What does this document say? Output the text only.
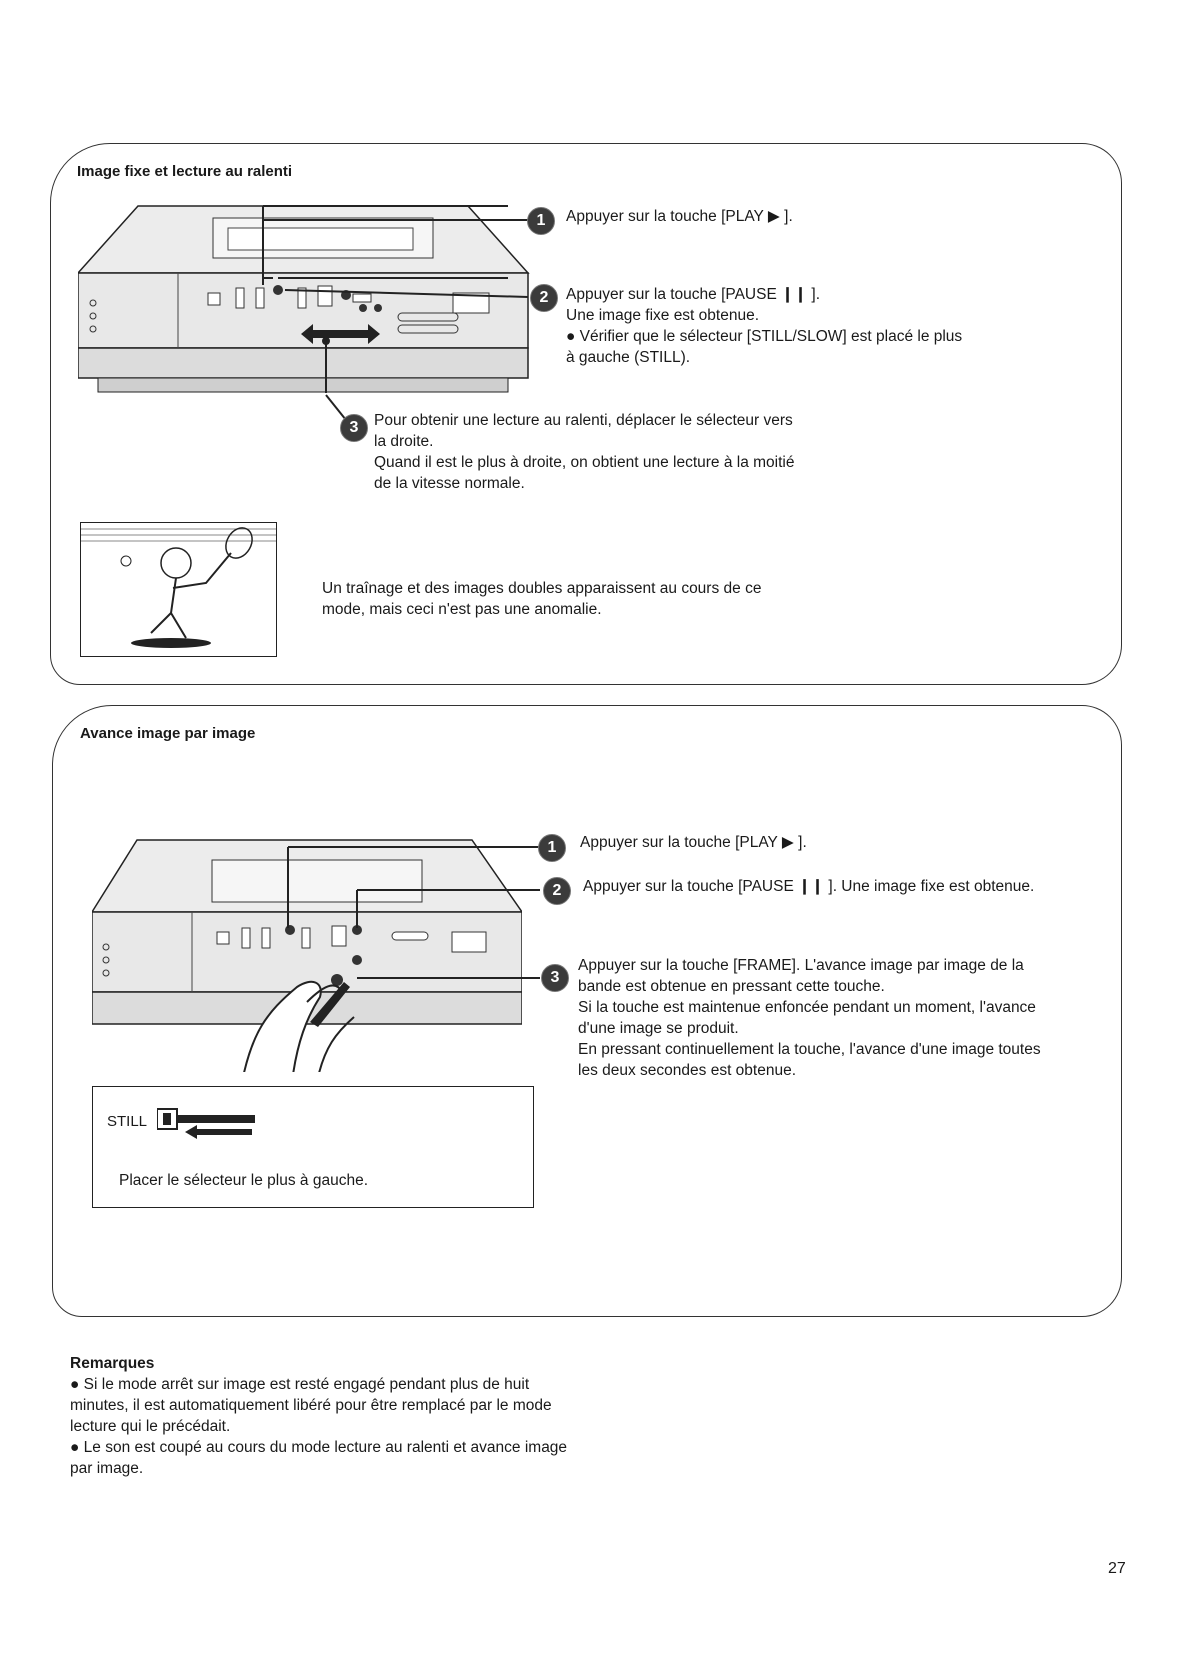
Image fixe et lecture au ralenti
1	Appuyer sur la touche [PLAY ▶ ].

2	Appuyer sur la touche [PAUSE ❙❙ ].

Une image fixe est obtenue.

● Vérifier que le sélecteur [STILL/SLOW] est placé le plus

à gauche (STILL).

3	Pour obtenir une lecture au ralenti, déplacer le sélecteur vers

la droite.

Quand il est le plus à droite, on obtient une lecture à la moitié

de la vitesse normale.

Un traînage et des images doubles apparaissent au cours de ce

mode, mais ceci n'est pas une anomalie.

Avance image par image
1	Appuyer sur la touche [PLAY ▶ ].

2	Appuyer sur la touche [PAUSE ❙❙ ]. Une image fixe est obtenue.

3

Appuyer sur la touche [FRAME]. L'avance image par image de la

bande est obtenue en pressant cette touche.

Si la touche est maintenue enfoncée pendant un moment, l'avance

d'une image se produit.

En pressant continuellement la touche, l'avance d'une image toutes

les deux secondes est obtenue.

STILL
Placer le sélecteur le plus à gauche.

Remarques

● Si le mode arrêt sur image est resté engagé pendant plus de huit minutes, il est automatiquement libéré pour être remplacé par le mode lecture qui le précédait.

● Le son est coupé au cours du mode lecture au ralenti et avance image par image.

27
